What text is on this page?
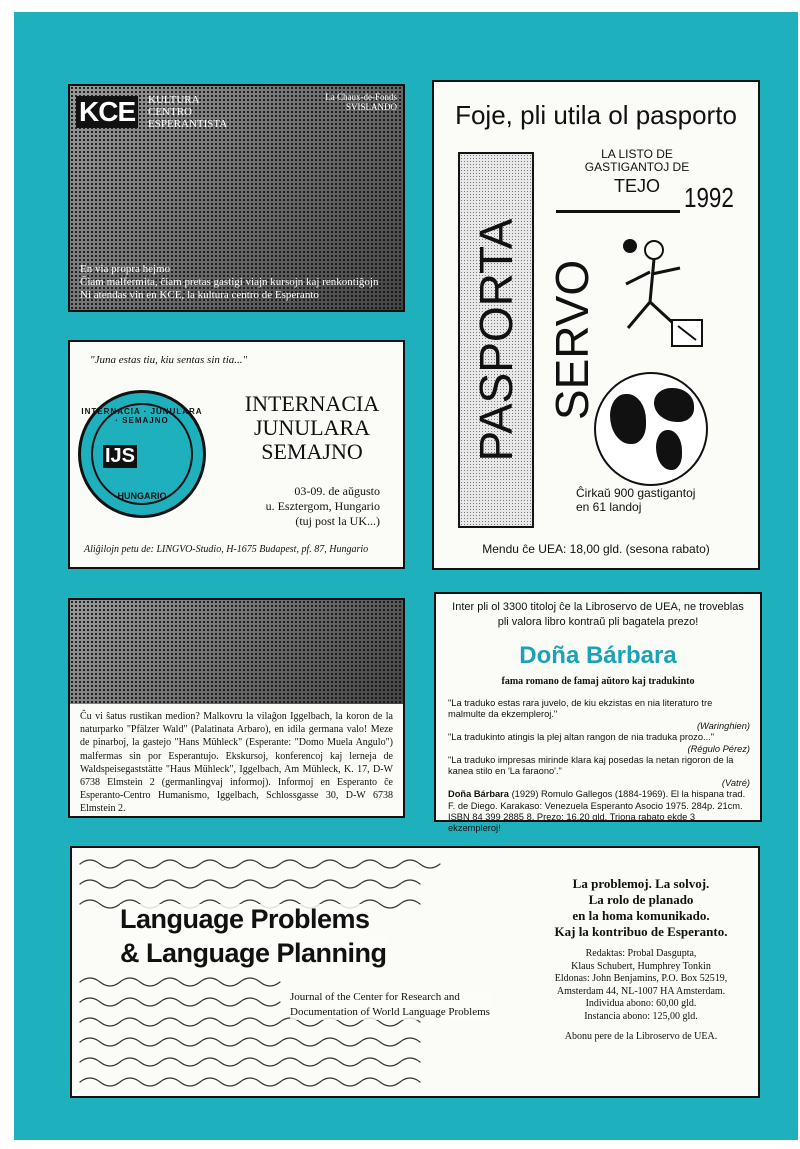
KCE KULTURA
CENTRO
ESPERANTISTA
La Chaux-de-Fonds
SVISLANDO
En via propra hejmo
Ĉiam malfermita, ĉiam pretas gastigi viajn kursojn kaj renkontiĝojn
Ni atendas vin en KCE, la kultura centro de Esperanto
"Juna estas tiu, kiu sentas sin tia..."
INTERNACIA · JUNULARA · SEMAJNO
IJS
HUNGARIO
INTERNACIA
JUNULARA
SEMAJNO
03-09. de aŭgusto
u. Esztergom, Hungario
(tuj post la UK...)
Aliĝilojn petu de: LINGVO-Studio, H-1675 Budapest, pf. 87, Hungario
Foje, pli utila ol pasporto
PASPORTA SERVO
LA LISTO DE
GASTIGANTOJ DE
TEJO 1992
Ĉirkaŭ 900 gastigantoj
en 61 landoj
Mendu ĉe UEA: 18,00 gld. (sesona rabato)
Ĉu vi ŝatus rustikan medion? Malkovru la vilaĝon Iggelbach, la koron de la naturparko "Pfälzer Wald" (Palatinata Arbaro), en idila germana valo! Meze de pinarboj, la gastejo "Hans Mühleck" (Esperante: "Domo Muela Angulo") malfermas sin por Esperantujo. Ekskursoj, konferencoj kaj lerneja de Waldspeisegaststätte "Haus Mühleck", Iggelbach, Am Mühleck, K. 17, D-W 6738 Elmstein 2 (germanlingvaj informoj). Informoj en Esperanto ĉe Esperanto-Centro Humanismo, Iggelbach, Schlossgasse 30, D-W 6738 Elmstein 2.
Inter pli ol 3300 titoloj ĉe la Libroservo de UEA, ne troveblas pli valora libro kontraŭ pli bagatela prezo!
Doña Bárbara
fama romano de famaj aŭtoro kaj tradukinto
"La traduko estas rara juvelo, de kiu ekzistas en nia literaturo tre malmulte da ekzempleroj."
(Waringhien)
"La tradukinto atingis la plej altan rangon de nia traduka prozo..."
(Régulo Pérez)
"La traduko impresas mirinde klara kaj posedas la netan rigoron de la kanea stilo en 'La faraono'."
(Vatré)
Doña Bárbara (1929) Romulo Gallegos (1884-1969). El la hispana trad. F. de Diego. Karakaso: Venezuela Esperanto Asocio 1975. 284p. 21cm. ISBN 84 399 2885 8. Prezo: 16,20 gld. Triona rabato ekde 3 ekzempleroj!
Language Problems
& Language Planning
Journal of the Center for Research and
Documentation of World Language Problems
La problemoj. La solvoj.
La rolo de planado
en la homa komunikado.
Kaj la kontribuo de Esperanto.
Redaktas: Probal Dasgupta,
Klaus Schubert, Humphrey Tonkin
Eldonas: John Benjamins, P.O. Box 52519,
Amsterdam 44, NL-1007 HA Amsterdam.
Individua abono: 60,00 gld.
Instancia abono: 125,00 gld.
Abonu pere de la Libroservo de UEA.
